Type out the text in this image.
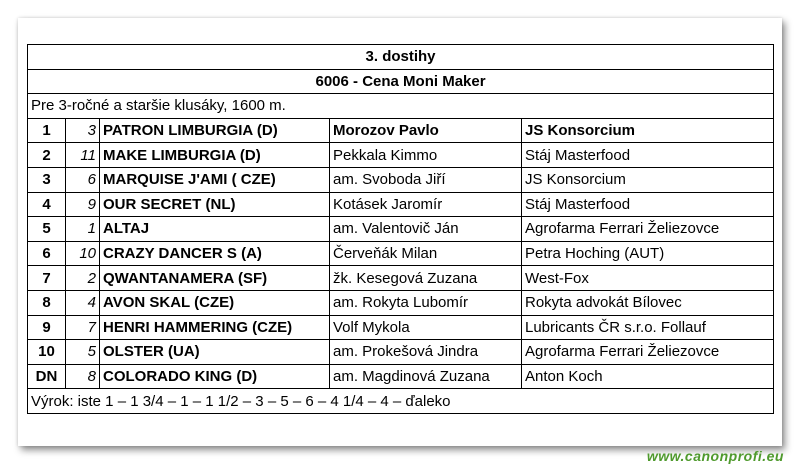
3. dostihy				
6006 - Cena Moni Maker				
Pre 3-ročné a staršie klusáky, 1600 m.				
1	3	PATRON LIMBURGIA (D)	Morozov Pavlo	JS Konsorcium
2	11	MAKE LIMBURGIA (D)	Pekkala Kimmo	Stáj Masterfood
3	6	MARQUISE J'AMI ( CZE)	am. Svoboda Jiří	JS Konsorcium
4	9	OUR SECRET (NL)	Kotásek Jaromír	Stáj Masterfood
5	1	ALTAJ	am. Valentovič Ján	Agrofarma Ferrari Želiezovce
6	10	CRAZY DANCER S (A)	Červeňák Milan	Petra Hoching (AUT)
7	2	QWANTANAMERA (SF)	žk. Kesegová Zuzana	West-Fox
8	4	AVON SKAL (CZE)	am. Rokyta Lubomír	Rokyta advokát Bílovec
9	7	HENRI HAMMERING (CZE)	Volf Mykola	Lubricants ČR s.r.o. Follauf
10	5	OLSTER (UA)	am. Prokešová Jindra	Agrofarma Ferrari Želiezovce
DN	8	COLORADO KING (D)	am. Magdinová Zuzana	Anton Koch
Výrok: iste 1 – 1 3/4 – 1 – 1 1/2 – 3 – 5 – 6 – 4 1/4 – 4 – ďaleko				
www.canonprofi.eu
